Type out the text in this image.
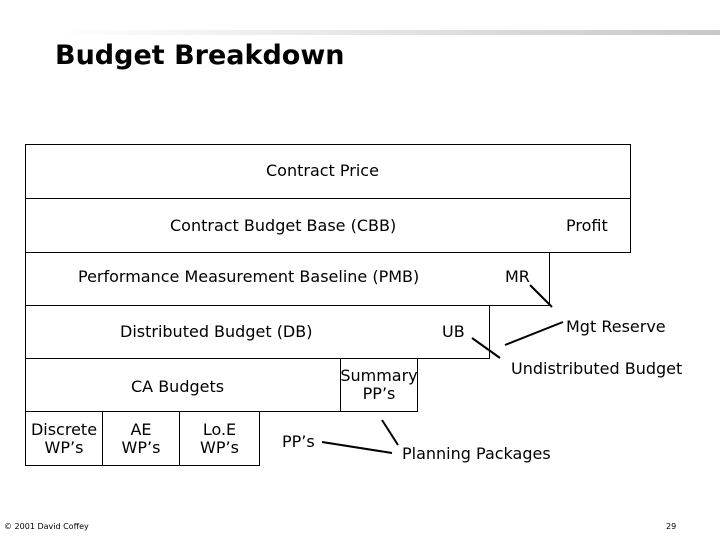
Budget Breakdown
Contract Price
Contract Budget Base (CBB)	Profit
Performance Measurement Baseline (PMB)	MR
Distributed Budget (DB)	UB	Mgt Reserve
CA Budgets
Summary
PP’s
Undistributed Budget
Discrete
WP’s
AE
WP’s
Lo.E
WP’s	PP’s
Planning Packages
© 2001 David Coffey	29
